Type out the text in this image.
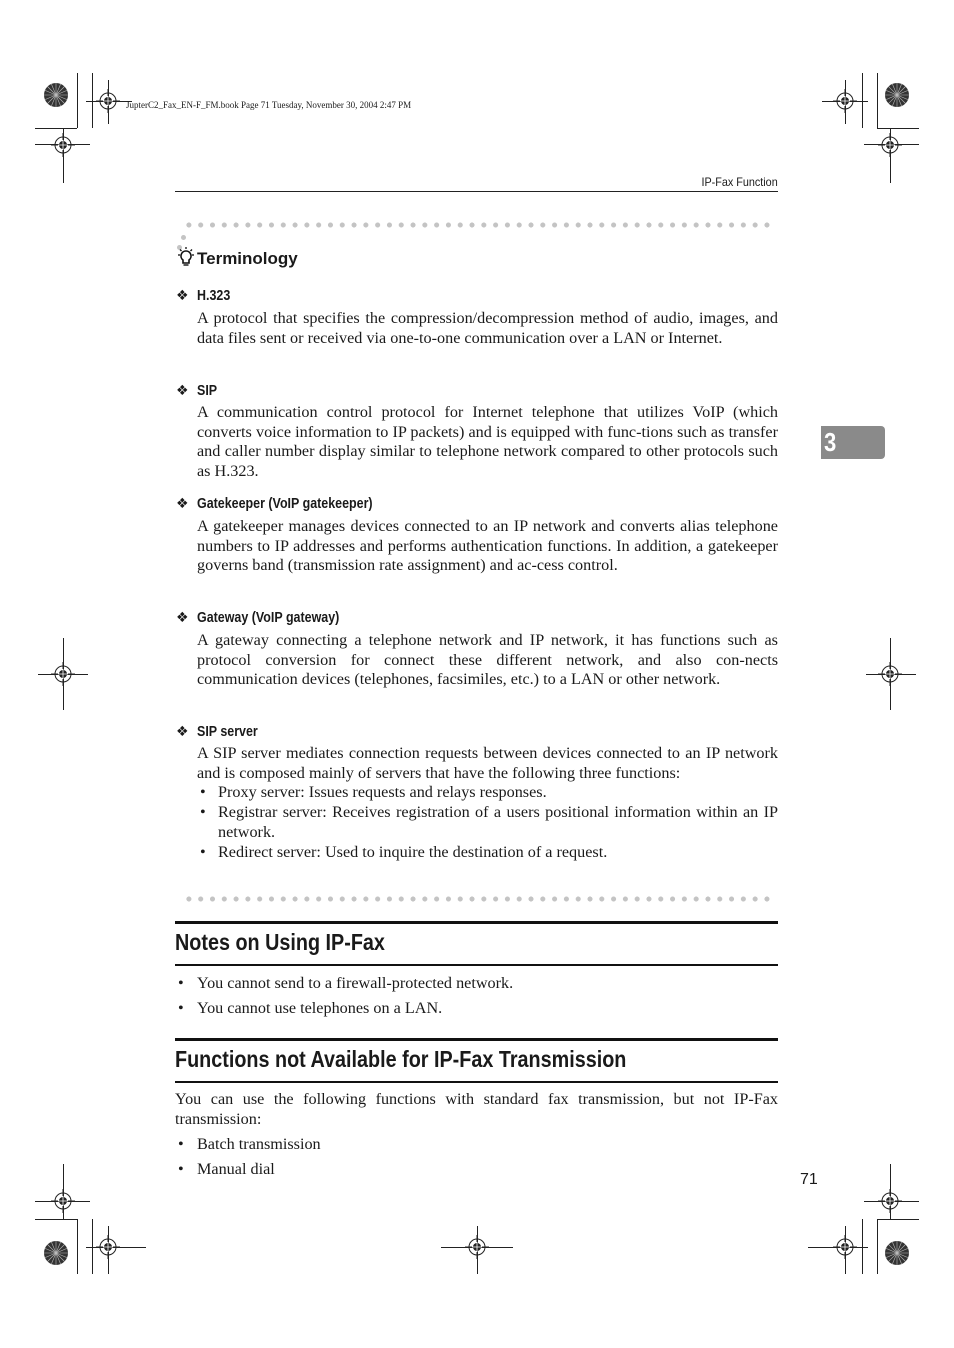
JupterC2_Fax_EN-F_FM.book Page 71 Tuesday, November 30, 2004 2:47 PM
IP-Fax Function
3
Terminology
❖ H.323
A protocol that specifies the compression/decompression method of audio, images, and data files sent or received via one-to-one communication over a LAN or Internet.
❖ SIP
A communication control protocol for Internet telephone that utilizes VoIP (which converts voice information to IP packets) and is equipped with func-tions such as transfer and caller number display similar to telephone network compared to other protocols such as H.323.
❖ Gatekeeper (VoIP gatekeeper)
A gatekeeper manages devices connected to an IP network and converts alias telephone numbers to IP addresses and performs authentication functions. In addition, a gatekeeper governs band (transmission rate assignment) and ac-cess control.
❖ Gateway (VoIP gateway)
A gateway connecting a telephone network and IP network, it has functions such as protocol conversion for connect these different network, and also con-nects communication devices (telephones, facsimiles, etc.) to a LAN or other network.
❖ SIP server
A SIP server mediates connection requests between devices connected to an IP network and is composed mainly of servers that have the following three functions:
• Proxy server: Issues requests and relays responses.
• Registrar server: Receives registration of a users positional information within an IP network.
• Redirect server: Used to inquire the destination of a request.
Notes on Using IP-Fax
• You cannot send to a firewall-protected network.
• You cannot use telephones on a LAN.
Functions not Available for IP-Fax Transmission
You can use the following functions with standard fax transmission, but not IP-Fax transmission:
• Batch transmission
• Manual dial
71
